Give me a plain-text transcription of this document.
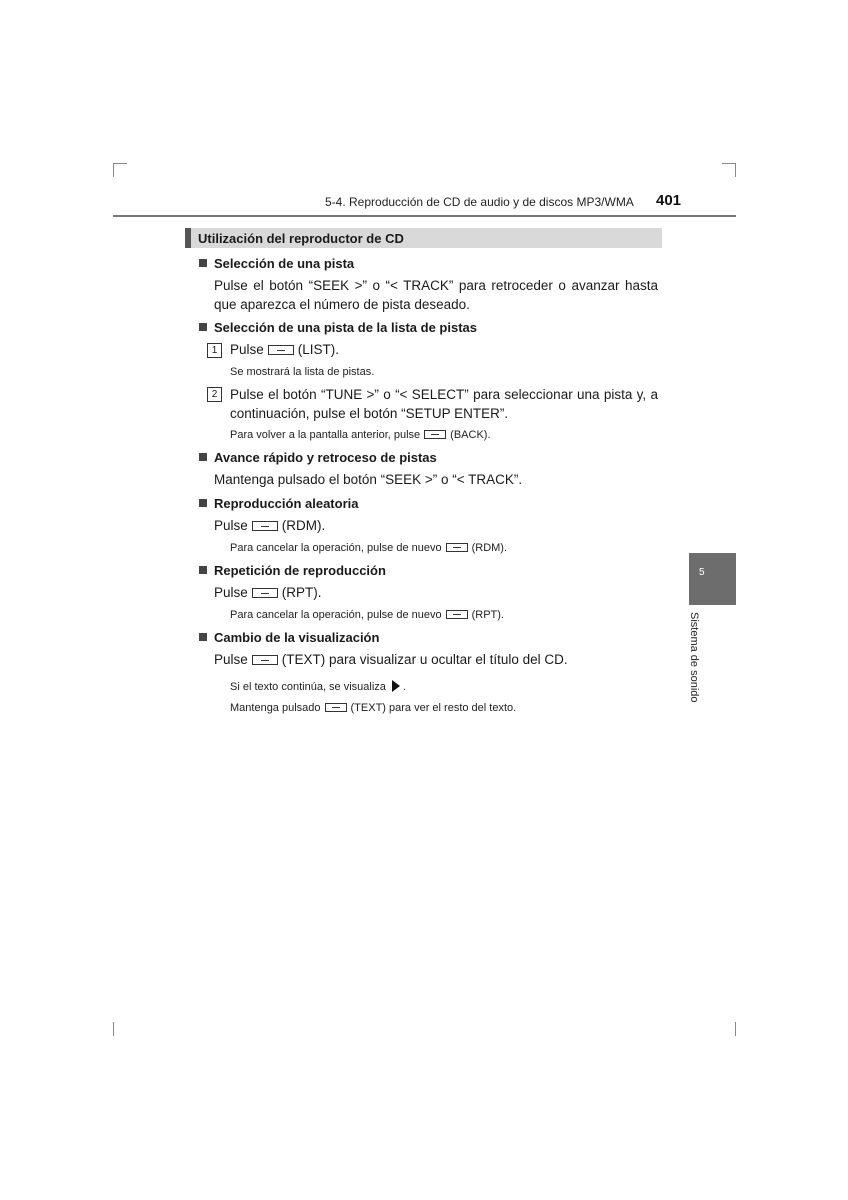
5-4. Reproducción de CD de audio y de discos MP3/WMA 401
Utilización del reproductor de CD
Selección de una pista
Pulse el botón “SEEK >” o “< TRACK” para retroceder o avanzar hasta que aparezca el número de pista deseado.
Selección de una pista de la lista de pistas
1 Pulse	(LIST).
Se mostrará la lista de pistas.
2 Pulse el botón “TUNE >” o “< SELECT” para seleccionar una pista y, a continuación, pulse el botón “SETUP ENTER”.
Para volver a la pantalla anterior, pulse	(BACK).
Avance rápido y retroceso de pistas
Mantenga pulsado el botón “SEEK >” o “< TRACK”.
Reproducción aleatoria
Pulse	(RDM).
Para cancelar la operación, pulse de nuevo	(RDM).
Repetición de reproducción
Pulse	(RPT).
Para cancelar la operación, pulse de nuevo	(RPT).
Cambio de la visualización
Pulse	(TEXT) para visualizar u ocultar el título del CD.
Si el texto continúa, se visualiza .
Mantenga pulsado	(TEXT) para ver el resto del texto.
5
Sistema de sonido
